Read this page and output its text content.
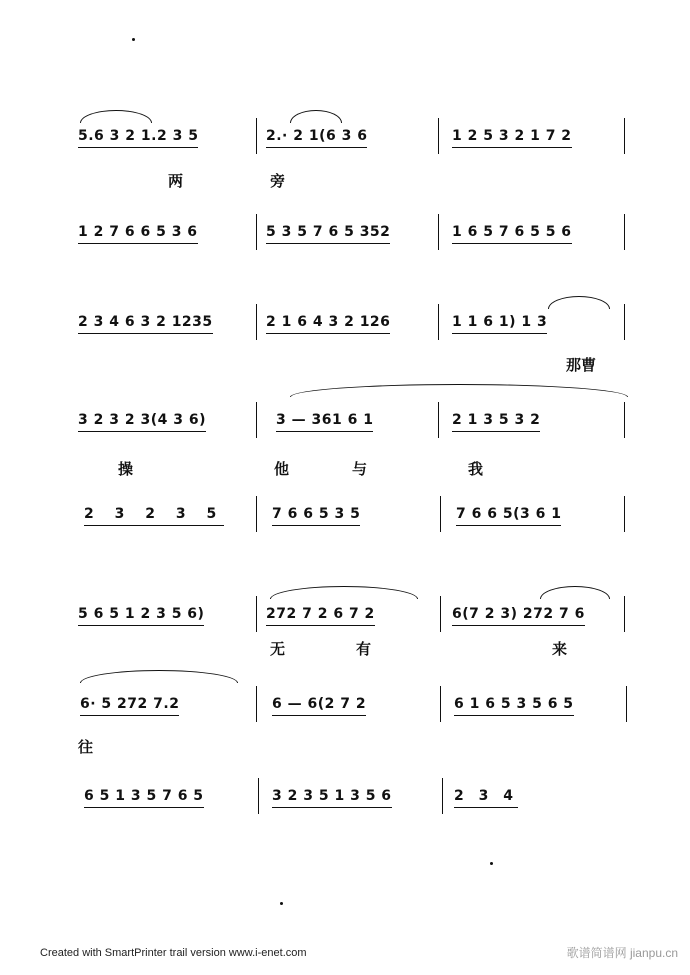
5.6 3 2 1.2 3 5	2.· 2 1(6 3 6	1 2 5 3 2 1 7 2
两	旁
1 2 7 6 6 5 3 6	5 3 5 7 6 5 352	1 6 5 7 6 5 5 6
2 3 4 6 3 2 1235	2 1 6 4 3 2 126	1 1 6 1) 1 3
那曹
3 2 3 2 3(4 3 6)	3 — 361 6 1	2 1 3 5 3 2
操	他	与	我
2 3 2 3 5	7 6 6 5 3 5	7 6 6 5(3 6 1
5 6 5 1 2 3 5 6)	272 7 2 6 7 2	6(7 2 3) 272 7 6
无	有	来
6· 5 272 7.2	6 — 6(2 7 2	6 1 6 5 3 5 6 5
往
6 5 1 3 5 7 6 5	3 2 3 5 1 3 5 6	2 3 4
Created with SmartPrinter trail version www.i-enet.com	歌谱简谱网 jianpu.cn
